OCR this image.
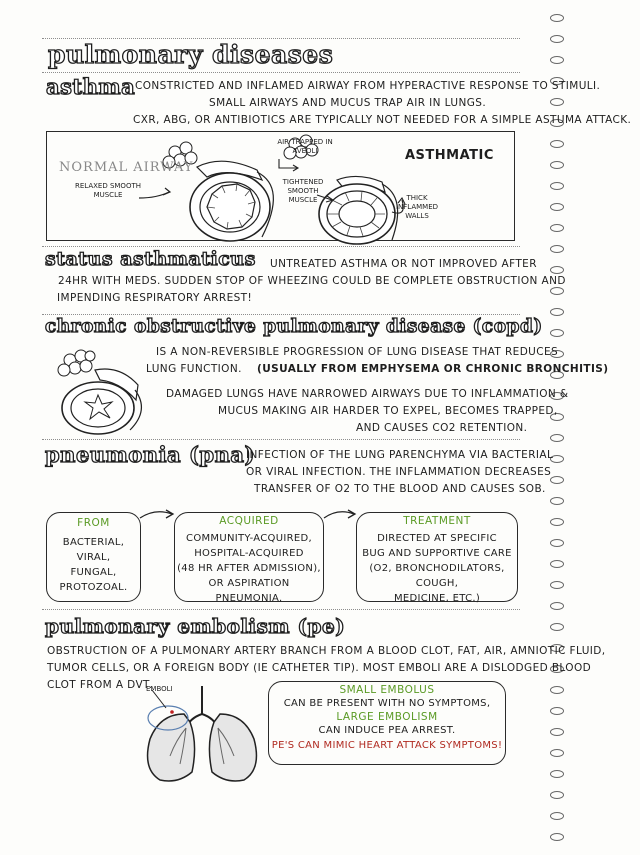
pulmonary diseases
asthma CONSTRICTED AND INFLAMED AIRWAY FROM HYPERACTIVE RESPONSE TO STIMULI.
SMALL AIRWAYS AND MUCUS TRAP AIR IN LUNGS.
CXR, ABG, OR ANTIBIOTICS ARE TYPICALLY NOT NEEDED FOR A SIMPLE ASTUMA ATTACK.
NORMAL AIRWAY
RELAXED SMOOTH MUSCLE
AIR TRAPPED IN AVEOLI	ASTHMATIC
TIGHTENED SMOOTH MUSCLE	THICK INFLAMMED WALLS
status asthmaticus UNTREATED ASTHMA OR NOT IMPROVED AFTER
24HR WITH MEDS. SUDDEN STOP OF WHEEZING COULD BE COMPLETE OBSTRUCTION AND
IMPENDING RESPIRATORY ARREST!
chronic obstructive pulmonary disease (copd)
IS A NON-REVERSIBLE PROGRESSION OF LUNG DISEASE THAT REDUCES
LUNG FUNCTION. (USUALLY FROM EMPHYSEMA OR CHRONIC BRONCHITIS)
DAMAGED LUNGS HAVE NARROWED AIRWAYS DUE TO INFLAMMATION &
MUCUS MAKING AIR HARDER TO EXPEL, BECOMES TRAPPED,
AND CAUSES CO2 RETENTION.
pneumonia (pna)
INFECTION OF THE LUNG PARENCHYMA VIA BACTERIAL
OR VIRAL INFECTION. THE INFLAMMATION DECREASES
TRANSFER OF O2 TO THE BLOOD AND CAUSES SOB.
FROM
BACTERIAL,
VIRAL,
FUNGAL,
PROTOZOAL.
ACQUIRED
COMMUNITY-ACQUIRED,
HOSPITAL-ACQUIRED
(48 HR AFTER ADMISSION),
OR ASPIRATION PNEUMONIA.
TREATMENT
DIRECTED AT SPECIFIC
BUG AND SUPPORTIVE CARE
(O2, BRONCHODILATORS, COUGH,
MEDICINE, ETC.)
pulmonary embolism (pe)
OBSTRUCTION OF A PULMONARY ARTERY BRANCH FROM A BLOOD CLOT, FAT, AIR, AMNIOTIC FLUID,
TUMOR CELLS, OR A FOREIGN BODY (IE CATHETER TIP). MOST EMBOLI ARE A DISLODGED BLOOD
CLOT FROM A DVT.
EMBOLI	SMALL EMBOLUS
CAN BE PRESENT WITH NO SYMPTOMS,
LARGE EMBOLISM
CAN INDUCE PEA ARREST.
PE'S CAN MIMIC HEART ATTACK SYMPTOMS!
